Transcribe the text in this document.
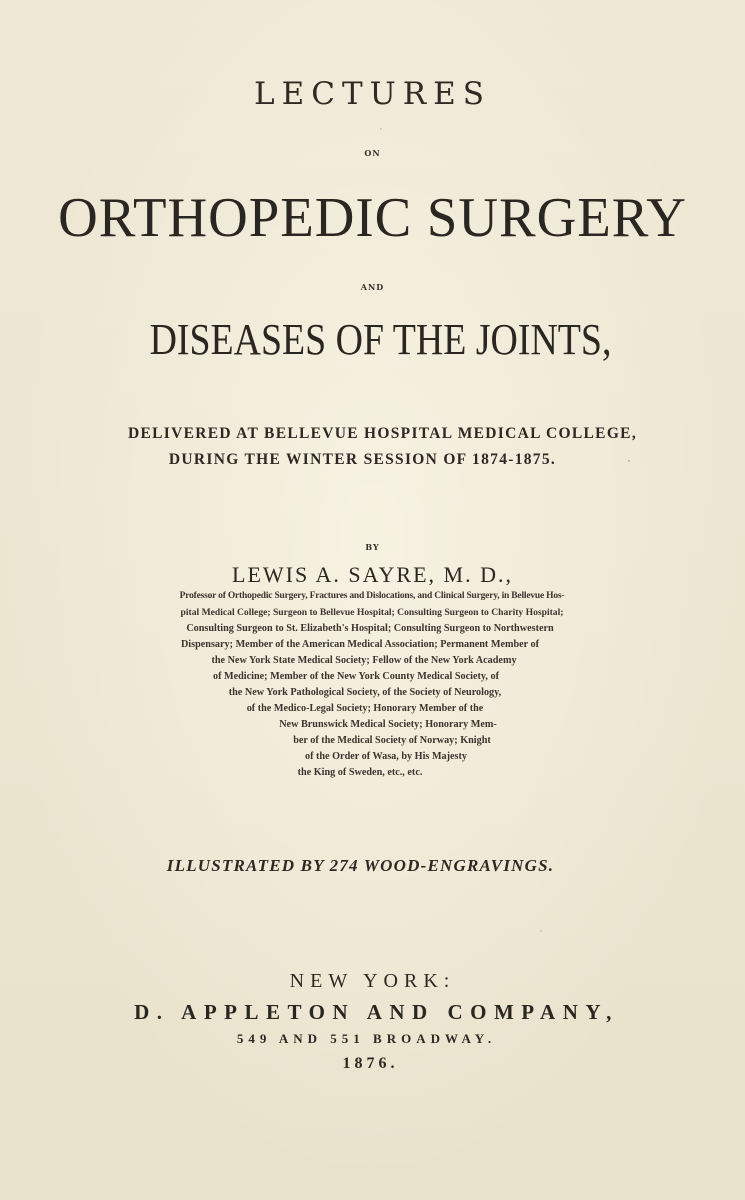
LECTURES
ON
ORTHOPEDIC SURGERY
AND
DISEASES OF THE JOINTS,
DELIVERED AT BELLEVUE HOSPITAL MEDICAL COLLEGE,
DURING THE WINTER SESSION OF 1874-1875.
BY
LEWIS A. SAYRE, M. D.,
Professor of Orthopedic Surgery, Fractures and Dislocations, and Clinical Surgery, in Bellevue Hos-
pital Medical College; Surgeon to Bellevue Hospital; Consulting Surgeon to Charity Hospital;
Consulting Surgeon to St. Elizabeth's Hospital; Consulting Surgeon to Northwestern
Dispensary; Member of the American Medical Association; Permanent Member of
the New York State Medical Society; Fellow of the New York Academy
of Medicine; Member of the New York County Medical Society, of
the New York Pathological Society, of the Society of Neurology,
of the Medico-Legal Society; Honorary Member of the
New Brunswick Medical Society; Honorary Mem-
ber of the Medical Society of Norway; Knight
of the Order of Wasa, by His Majesty
the King of Sweden, etc., etc.
ILLUSTRATED BY 274 WOOD-ENGRAVINGS.
NEW YORK:
D. APPLETON AND COMPANY,
549 AND 551 BROADWAY.
1876.
